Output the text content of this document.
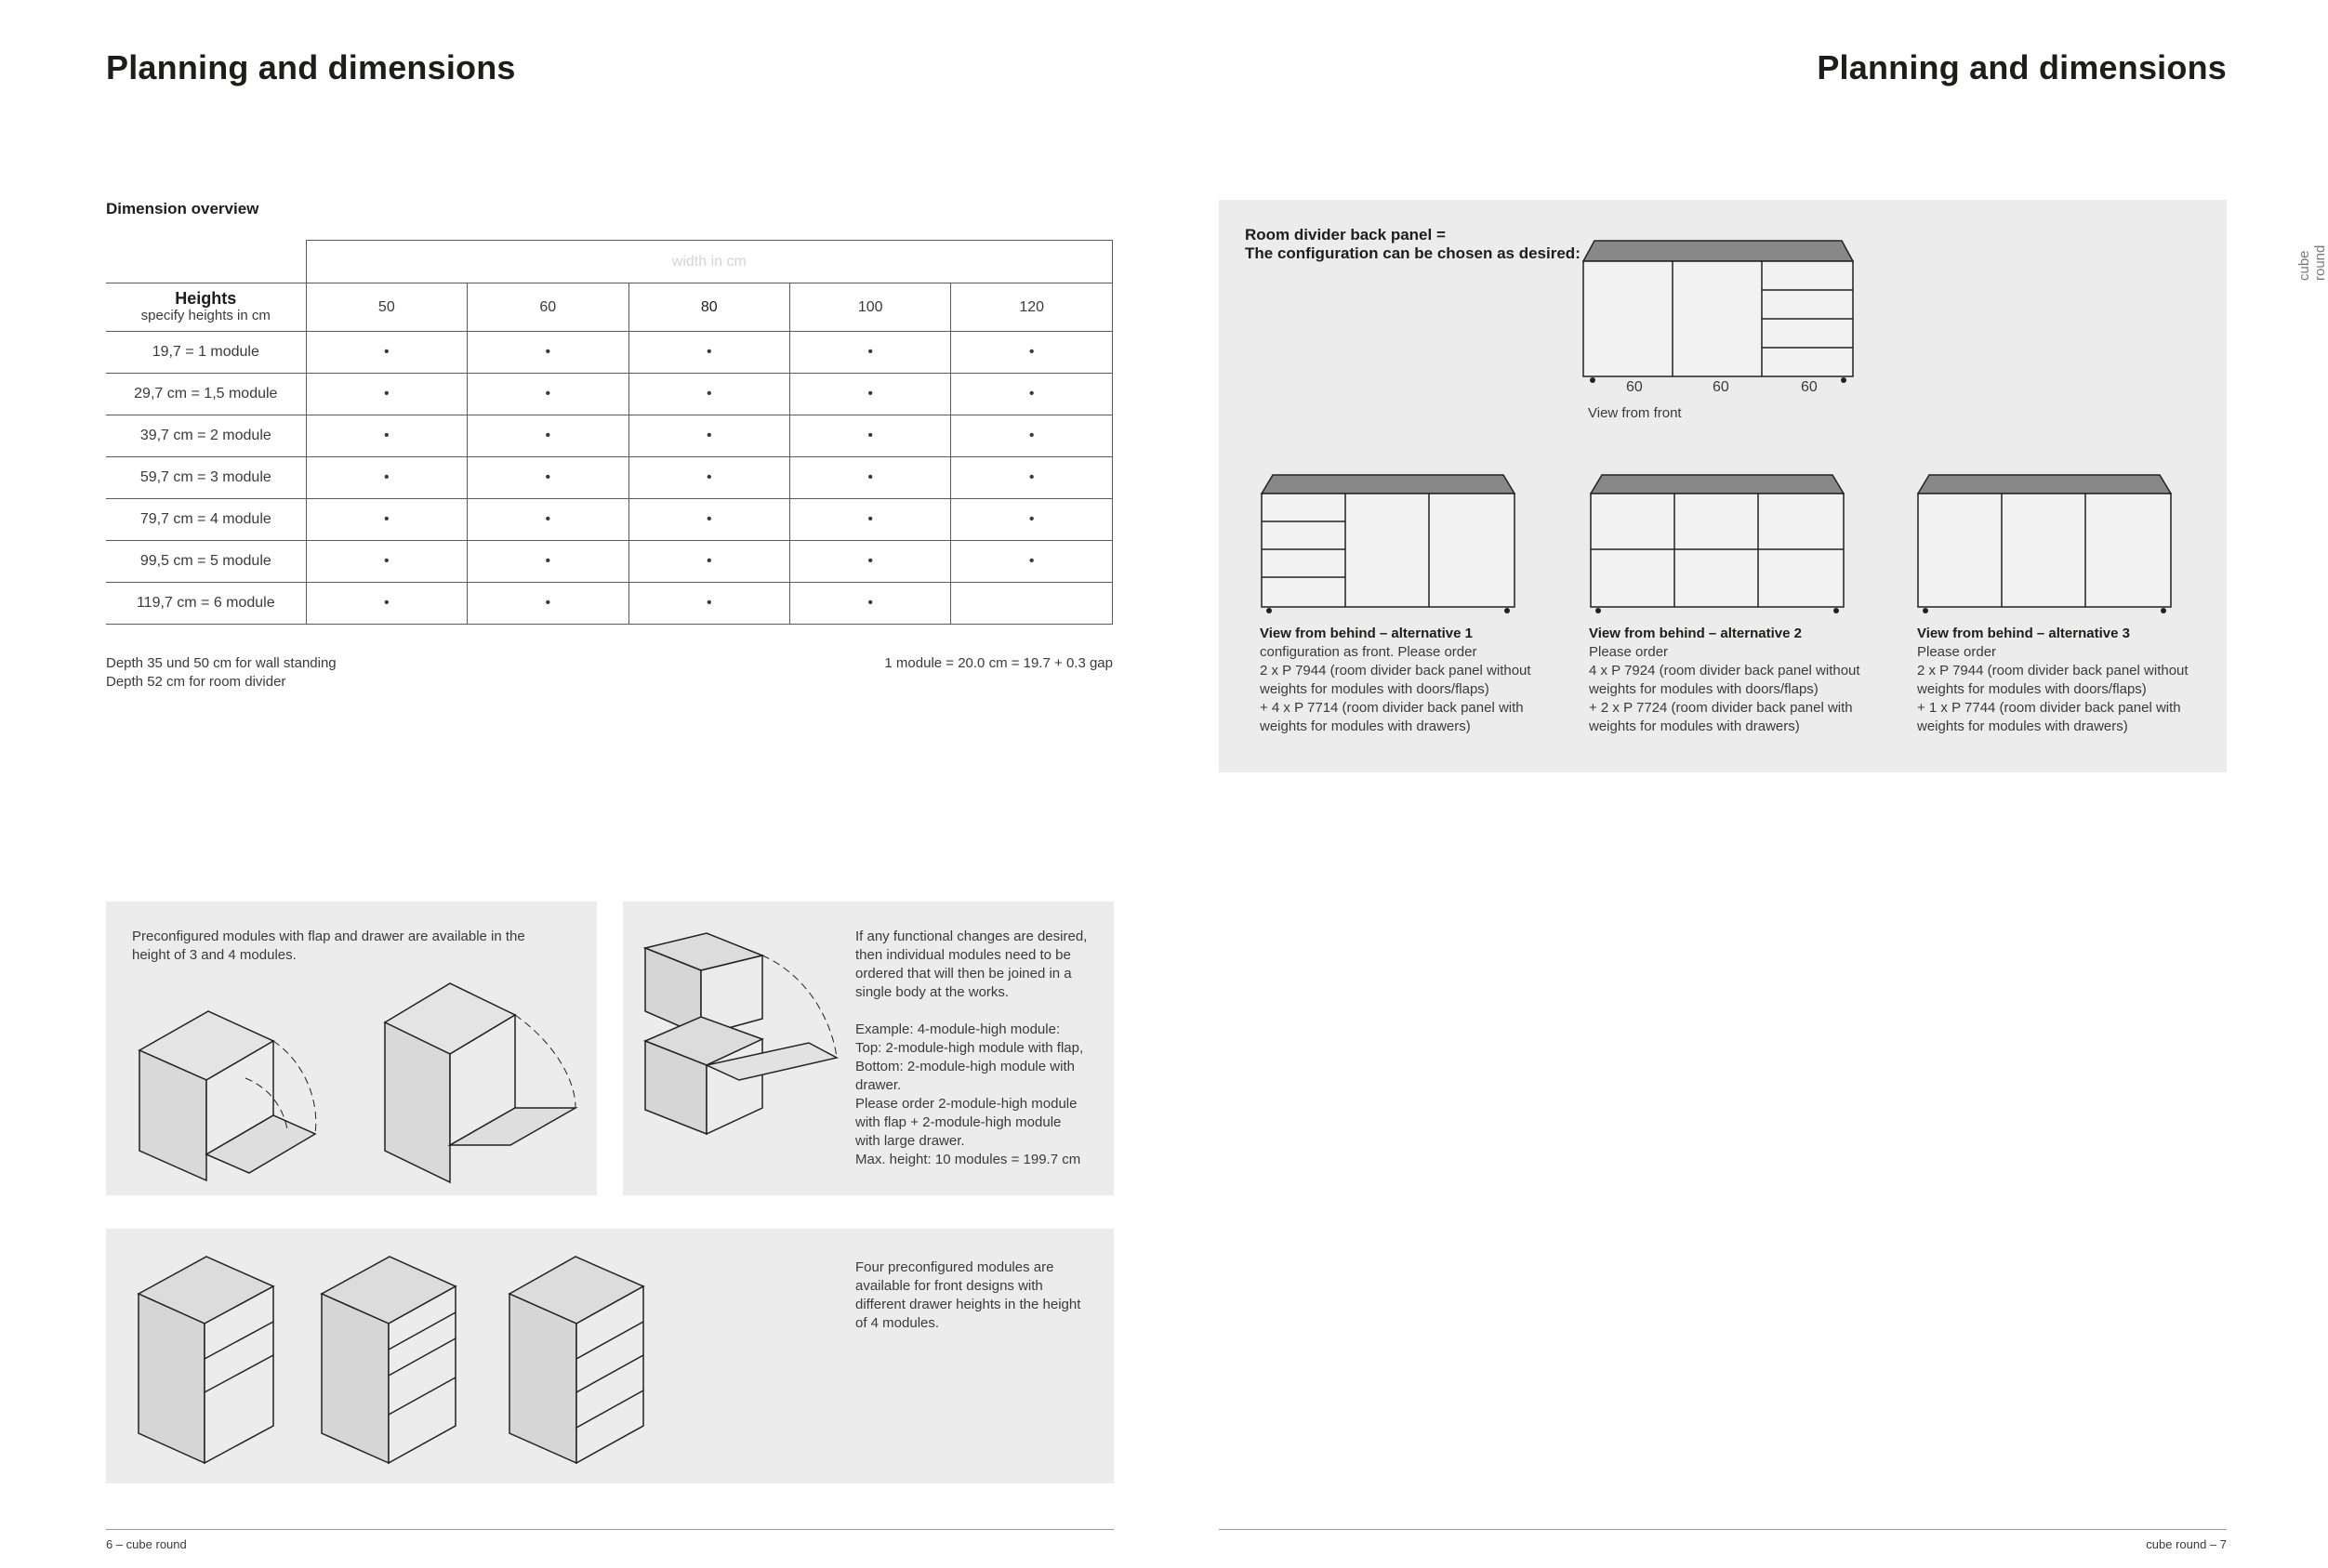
Planning and dimensions
Dimension overview
	width in cm				
Heights
specify heights in cm	50	60	80	100	120
19,7 = 1 module	•	•	•	•	•
29,7 cm = 1,5 module	•	•	•	•	•
39,7 cm = 2 module	•	•	•	•	•
59,7 cm = 3 module	•	•	•	•	•
79,7 cm = 4 module	•	•	•	•	•
99,5 cm = 5 module	•	•	•	•	•
119,7 cm = 6 module	•	•	•	•	
Depth 35 und 50 cm for wall standing
Depth 52 cm for room divider
1 module = 20.0 cm = 19.7 + 0.3 gap
Preconfigured modules with flap and drawer are available in the height of 3 and 4 modules.
If any functional changes are desired, then individual modules need to be ordered that will then be joined in a single body at the works.
Example: 4-module-high module:
Top: 2-module-high module with flap,
Bottom: 2-module-high module with drawer.
Please order 2-module-high module with flap + 2-module-high module with large drawer.
Max. height: 10 modules = 199.7 cm
Four preconfigured modules are available for front designs with different drawer heights in the height of 4 modules.
6 – cube round
Planning and dimensions
cube round
Room divider back panel =
The configuration can be chosen as desired:
60	60	60
View from front
View from behind – alternative 1
configuration as front. Please order
2 x P 7944 (room divider back panel without
weights for modules with doors/flaps)
+ 4 x P 7714 (room divider back panel with
weights for modules with drawers)
View from behind – alternative 2
Please order
4 x P 7924 (room divider back panel without
weights for modules with doors/flaps)
+ 2 x P 7724 (room divider back panel with
weights for modules with drawers)
View from behind – alternative 3
Please order
2 x P 7944 (room divider back panel without
weights for modules with doors/flaps)
+ 1 x P 7744 (room divider back panel with
weights for modules with drawers)
cube round – 7
